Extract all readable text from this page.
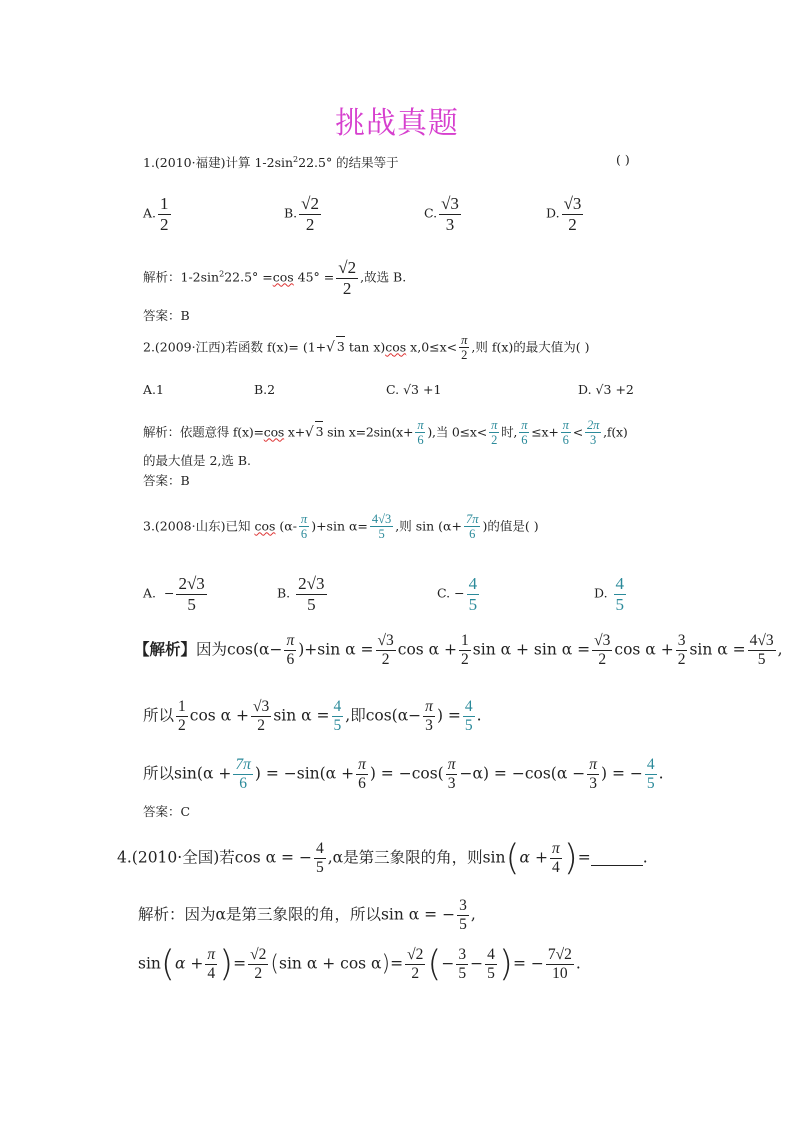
挑战真题
1.(2010·福建)计算 $1-2\sin^222.5^\circ$ 的结果等于	( )
A. $\frac{1}{2}$	B. $\frac{√2}{2}$	C. $\frac{√3}{3}$	D. $\frac{√3}{2}$
解析：$1-2\sin^222.5^\circ =\cos$ $45^\circ = \frac{√2}{2}$ ,故选 B.
答案：B
2.(2009·江西)若函数 f(x)= (1+√ 3 tan x)cos $x,0\le x< \frac{\pi}{2}$ ,则 f(x)的最大值为( )
A.1	B.2	C. √3 +1	D. √3 +2
解析：依题意得 f(x)=cos x+√ 3 $\sin x=2\sin(x+ \frac{\pi}{6}$ ),当 $0\le x< \frac{\pi}{2}$ 时, $\frac{\pi}{6} \le x+ \frac{\pi}{6} < \frac{2\pi}{3} ,f(x)$
的最大值是 2,选 B.
答案：B
3.(2008·山东)已知 $\cos (\alpha- \frac{\pi}{6} )+\sin$ $\alpha= \frac{4√3}{5}$ ,则 $\sin (\alpha+ \frac{7\pi}{6}$ )的值是( )
A. − $\frac{2√3}{5}$	B. $\frac{2√3}{5}$	C. − $\frac{4}{5}$	D. $\frac{4}{5}$
【解析】因为$\cos(\alpha- \frac{\pi}{6} )+\sin$ $\alpha = \frac{√3}{2}$ $\cos \alpha + \frac{1}{2}$ $\sin \alpha + \sin \alpha = \frac{√3}{2}$ $\cos \alpha + \frac{3}{2}$ $\sin \alpha = \frac{4√3}{5}$ ,
所以 $\frac{1}{2}$ $\cos \alpha + \frac{√3}{2}$ $\sin \alpha = \frac{4}{5}$ ,即$\cos(\alpha- \frac{\pi}{3}$ ) = $\frac{4}{5}$ .
所以$\sin(\alpha + \frac{7\pi}{6}$ ) = $-\sin(\alpha + \frac{\pi}{6}$ ) = $-\cos( \frac{\pi}{3} -\alpha) = -\cos(\alpha - \frac{\pi}{3}$ ) = − $\frac{4}{5}$ .
答案：C
4.(2010·全国)若cos α = − $\frac{4}{5} ,\alpha$是第三象限的角，则$\sin(\alpha + \frac{\pi}{4}$ )=	.
解析：因为α是第三象限的角，所以sin α = − $\frac{3}{5}$ ,
$\sin(\alpha + \frac{\pi}{4}$ )= $\frac{√2}{2} (\sin$ $\alpha + \cos \alpha)= \frac{√2}{2}$ (− $\frac{3}{5} - \frac{4}{5}$ )= − $\frac{7√2}{10}$ .
